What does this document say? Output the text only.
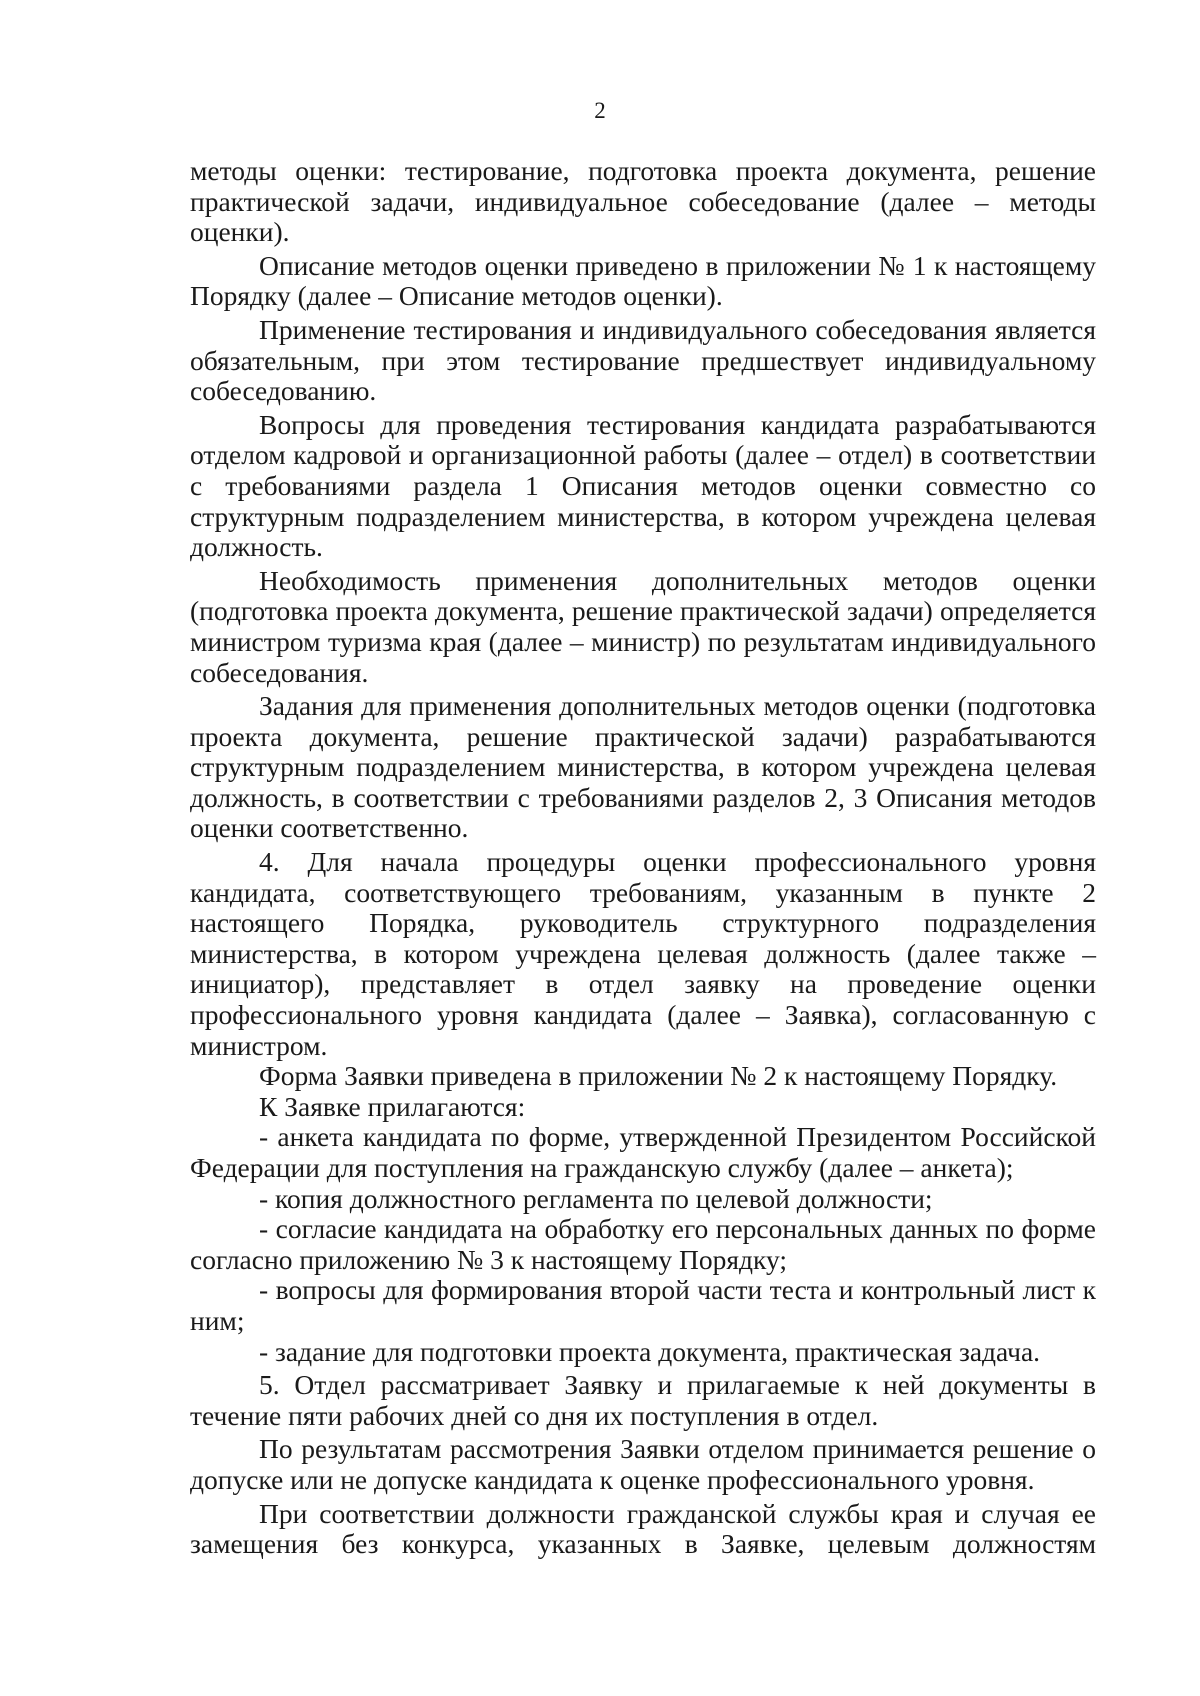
2

методы оценки: тестирование, подготовка проекта документа, решение практической задачи, индивидуальное собеседование (далее – методы оценки).

Описание методов оценки приведено в приложении № 1 к настоящему Порядку (далее – Описание методов оценки).

Применение тестирования и индивидуального собеседования является обязательным, при этом тестирование предшествует индивидуальному собеседованию.

Вопросы для проведения тестирования кандидата разрабатываются отделом кадровой и организационной работы (далее – отдел) в соответствии с требованиями раздела 1 Описания методов оценки совместно со структурным подразделением министерства, в котором учреждена целевая должность.

Необходимость применения дополнительных методов оценки (подготовка проекта документа, решение практической задачи) определяется министром туризма края (далее – министр) по результатам индивидуального собеседования.

Задания для применения дополнительных методов оценки (подготовка проекта документа, решение практической задачи) разрабатываются структурным подразделением министерства, в котором учреждена целевая должность, в соответствии с требованиями разделов 2, 3 Описания методов оценки соответственно.

4. Для начала процедуры оценки профессионального уровня кандидата, соответствующего требованиям, указанным в пункте 2 настоящего Порядка, руководитель структурного подразделения министерства, в котором учреждена целевая должность (далее также – инициатор), представляет в отдел заявку на проведение оценки профессионального уровня кандидата (далее – Заявка), согласованную с министром.

Форма Заявки приведена в приложении № 2 к настоящему Порядку.

К Заявке прилагаются:

- анкета кандидата по форме, утвержденной Президентом Российской Федерации для поступления на гражданскую службу (далее – анкета);

- копия должностного регламента по целевой должности;

- согласие кандидата на обработку его персональных данных по форме согласно приложению № 3 к настоящему Порядку;

- вопросы для формирования второй части теста и контрольный лист к ним;

- задание для подготовки проекта документа, практическая задача.

5. Отдел рассматривает Заявку и прилагаемые к ней документы в течение пяти рабочих дней со дня их поступления в отдел.

По результатам рассмотрения Заявки отделом принимается решение о допуске или не допуске кандидата к оценке профессионального уровня.

При соответствии должности гражданской службы края и случая ее замещения без конкурса, указанных в Заявке, целевым должностям
